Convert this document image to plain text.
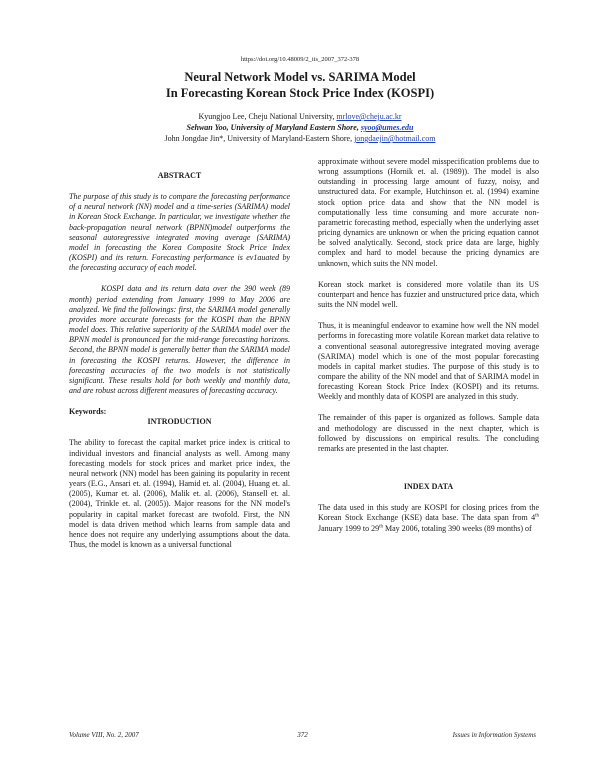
https://doi.org/10.48009/2_iis_2007_372-378
Neural Network Model vs. SARIMA Model
In Forecasting Korean Stock Price Index (KOSPI)
Kyungjoo Lee, Cheju National University, mrlove@cheju.ac.kr
Sehwan Yoo, University of Maryland Eastern Shore, syoo@umes.edu
John Jongdae Jin*, University of Maryland-Eastern Shore, jongdaejin@hotmail.com
ABSTRACT

The purpose of this study is to compare the forecasting performance of a neural network (NN) model and a time-series (SARIMA) model in Korean Stock Exchange. In particular, we investigate whether the back-propagation neural network (BPNN)model outperforms the seasonal autoregressive integrated moving average (SARIMA) model in forecasting the Korea Composite Stock Price Index (KOSPI) and its return. Forecasting performance is ev1auated by the forecasting accuracy of each model.

KOSPI data and its return data over the 390 week (89 month) period extending from January 1999 to May 2006 are analyzed. We find the followings: first, the SARIMA model generally provides more accurate forecasts for the KOSPI than the BPNN model does. This relative superiority of the SARIMA model over the BPNN model is pronounced for the mid-range forecasting horizons. Second, the BPNN model is generally better than the SARIMA model in forecasting the KOSPI returns. However, the difference in forecasting accuracies of the two models is not statistically significant. These results hold for both weekly and monthly data, and are robust across different measures of forecasting accuracy.

Keywords:
INTRODUCTION

The ability to forecast the capital market price index is critical to individual investors and financial analysts as well. Among many forecasting models for stock prices and market price index, the neural network (NN) model has been gaining its popularity in recent years (E.G., Ansari et. al. (1994), Hamid et. al. (2004), Huang et. al. (2005), Kumar et. al. (2006), Malik et. al. (2006), Stansell et. al. (2004), Trinkle et. al. (2005)). Major reasons for the NN model's popularity in capital market forecast are twofold. First, the NN model is data driven method which learns from sample data and hence does not require any underlying assumptions about the data. Thus, the model is known as a universal functional

approximate without severe model misspecification problems due to wrong assumptions (Hornik et. al. (1989)). The model is also outstanding in processing large amount of fuzzy, noisy, and unstructured data. For example, Hutchinson et. al. (1994) examine stock option price data and show that the NN model is computationally less time consuming and more accurate non-parametric forecasting method, especially when the underlying asset pricing dynamics are unknown or when the pricing equation cannot be solved analytically. Second, stock price data are large, highly complex and hard to model because the pricing dynamics are unknown, which suits the NN model.

Korean stock market is considered more volatile than its US counterpart and hence has fuzzier and unstructured price data, which suits the NN model well.

Thus, it is meaningful endeavor to examine how well the NN model performs in forecasting more volatile Korean market data relative to a conventional seasonal autoregressive integrated moving average (SARIMA) model which is one of the most popular forecasting models in capital market studies. The purpose of this study is to compare the ability of the NN model and that of SARIMA model in forecasting Korean Stock Price Index (KOSPI) and its returns. Weekly and monthly data of KOSPI are analyzed in this study.

The remainder of this paper is organized as follows. Sample data and methodology are discussed in the next chapter, which is followed by discussions on empirical results. The concluding remarks are presented in the last chapter.

INDEX DATA

The data used in this study are KOSPI for closing prices from the Korean Stock Exchange (KSE) data base. The data span from 4th January 1999 to 29th May 2006, totaling 390 weeks (89 months) of

Volume VIII, No. 2, 2007	372	Issues in Information Systems
